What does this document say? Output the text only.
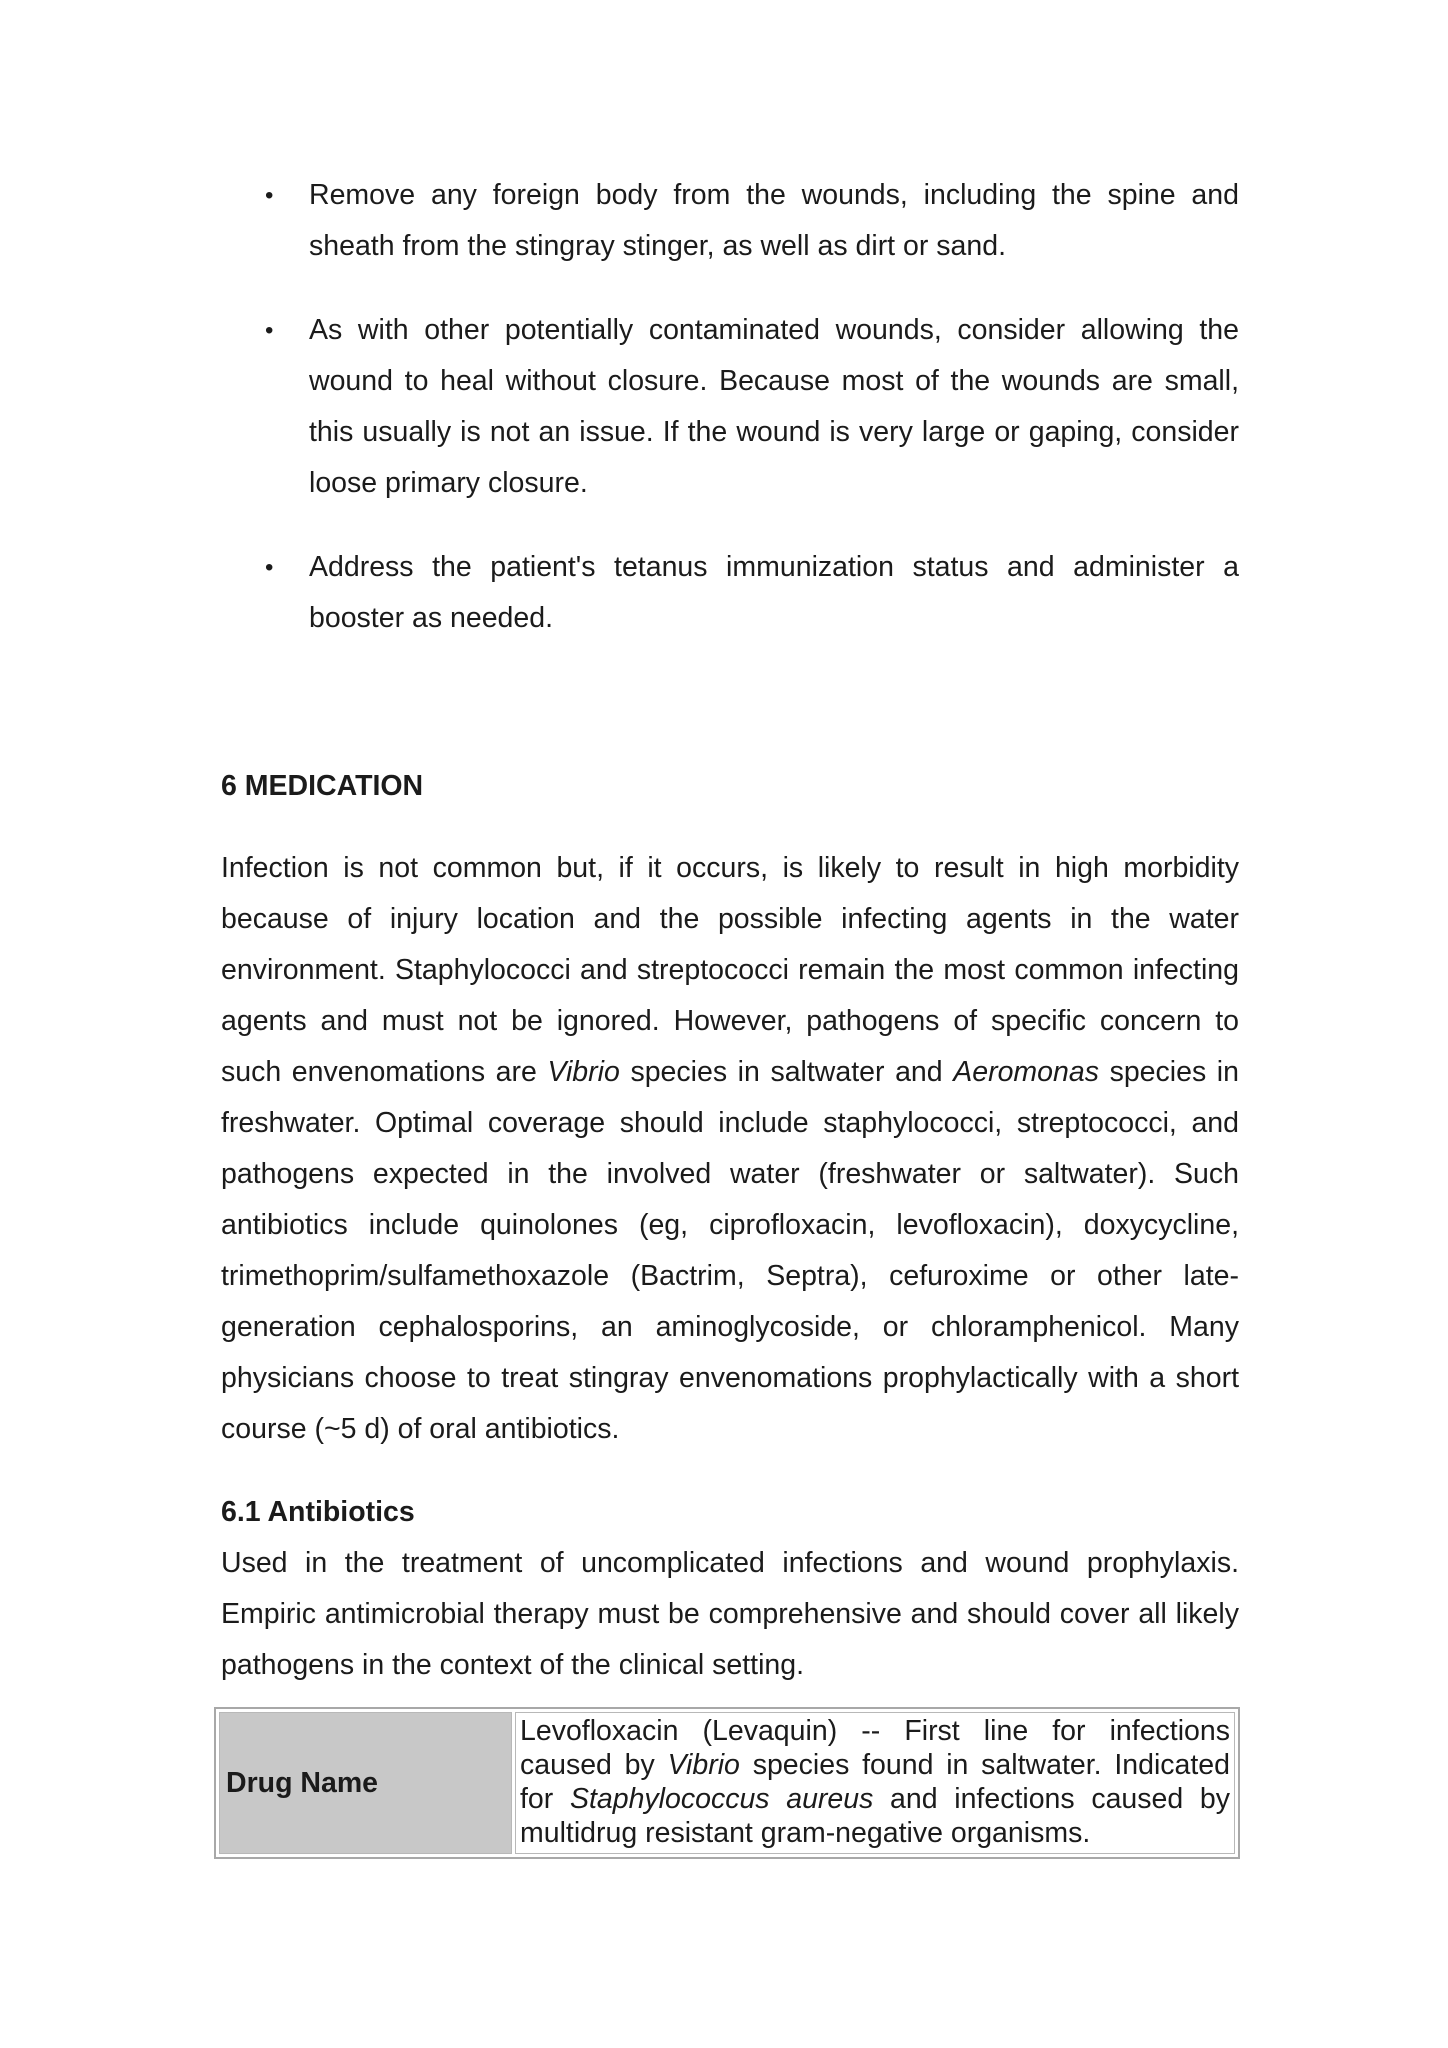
• Remove any foreign body from the wounds, including the spine and sheath from the stingray stinger, as well as dirt or sand.
• As with other potentially contaminated wounds, consider allowing the wound to heal without closure. Because most of the wounds are small, this usually is not an issue. If the wound is very large or gaping, consider loose primary closure.
• Address the patient's tetanus immunization status and administer a booster as needed.
6 MEDICATION
Infection is not common but, if it occurs, is likely to result in high morbidity because of injury location and the possible infecting agents in the water environment. Staphylococci and streptococci remain the most common infecting agents and must not be ignored. However, pathogens of specific concern to such envenomations are Vibrio species in saltwater and Aeromonas species in freshwater. Optimal coverage should include staphylococci, streptococci, and pathogens expected in the involved water (freshwater or saltwater). Such antibiotics include quinolones (eg, ciprofloxacin, levofloxacin), doxycycline, trimethoprim/sulfamethoxazole (Bactrim, Septra), cefuroxime or other late-generation cephalosporins, an aminoglycoside, or chloramphenicol. Many physicians choose to treat stingray envenomations prophylactically with a short course (~5 d) of oral antibiotics.
6.1 Antibiotics
Used in the treatment of uncomplicated infections and wound prophylaxis. Empiric antimicrobial therapy must be comprehensive and should cover all likely pathogens in the context of the clinical setting.
Drug Name	Levofloxacin (Levaquin) -- First line for infections caused by Vibrio species found in saltwater. Indicated for Staphylococcus aureus and infections caused by multidrug resistant gram-negative organisms.
